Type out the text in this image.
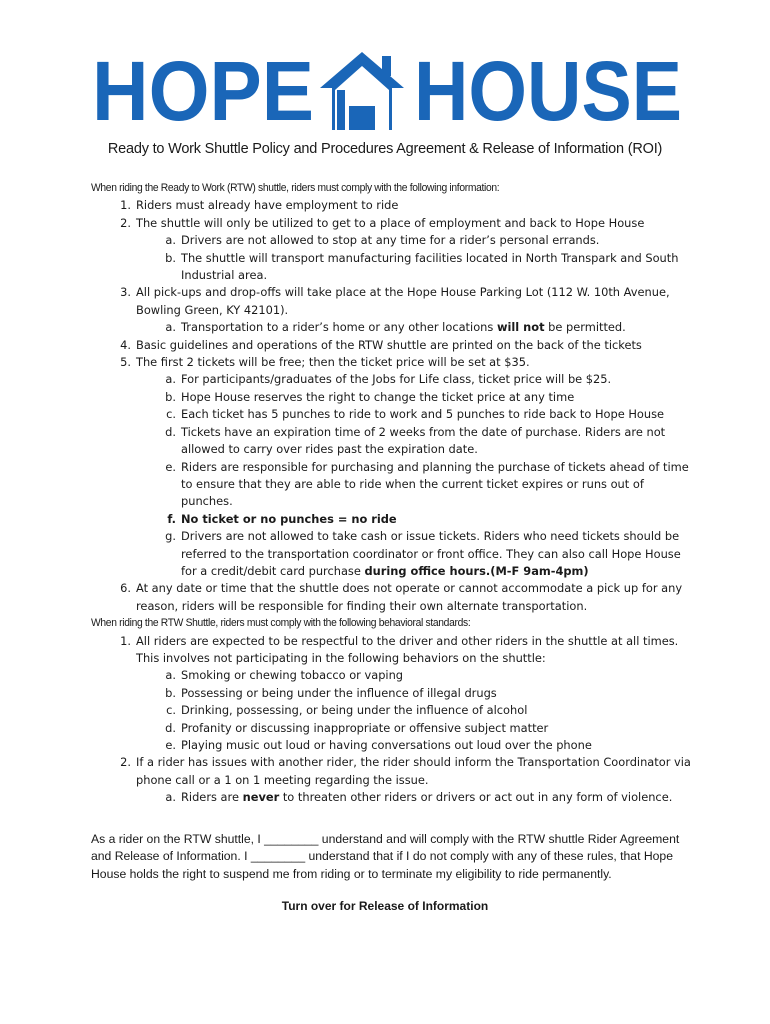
HOPE HOUSE
Ready to Work Shuttle Policy and Procedures Agreement & Release of Information (ROI)
When riding the Ready to Work (RTW) shuttle, riders must comply with the following information:
1. Riders must already have employment to ride
2. The shuttle will only be utilized to get to a place of employment and back to Hope House
a. Drivers are not allowed to stop at any time for a rider’s personal errands.
b. The shuttle will transport manufacturing facilities located in North Transpark and South Industrial area.
3. All pick-ups and drop-offs will take place at the Hope House Parking Lot (112 W. 10th Avenue, Bowling Green, KY 42101).
a. Transportation to a rider’s home or any other locations will not be permitted.
4. Basic guidelines and operations of the RTW shuttle are printed on the back of the tickets
5. The first 2 tickets will be free; then the ticket price will be set at $35.
a. For participants/graduates of the Jobs for Life class, ticket price will be $25.
b. Hope House reserves the right to change the ticket price at any time
c. Each ticket has 5 punches to ride to work and 5 punches to ride back to Hope House
d. Tickets have an expiration time of 2 weeks from the date of purchase. Riders are not allowed to carry over rides past the expiration date.
e. Riders are responsible for purchasing and planning the purchase of tickets ahead of time to ensure that they are able to ride when the current ticket expires or runs out of punches.
f. No ticket or no punches = no ride
g. Drivers are not allowed to take cash or issue tickets. Riders who need tickets should be referred to the transportation coordinator or front office. They can also call Hope House for a credit/debit card purchase during office hours.(M-F 9am-4pm)
6. At any date or time that the shuttle does not operate or cannot accommodate a pick up for any reason, riders will be responsible for finding their own alternate transportation.
When riding the RTW Shuttle, riders must comply with the following behavioral standards:
1. All riders are expected to be respectful to the driver and other riders in the shuttle at all times. This involves not participating in the following behaviors on the shuttle:
a. Smoking or chewing tobacco or vaping
b. Possessing or being under the influence of illegal drugs
c. Drinking, possessing, or being under the influence of alcohol
d. Profanity or discussing inappropriate or offensive subject matter
e. Playing music out loud or having conversations out loud over the phone
2. If a rider has issues with another rider, the rider should inform the Transportation Coordinator via phone call or a 1 on 1 meeting regarding the issue.
a. Riders are never to threaten other riders or drivers or act out in any form of violence.
As a rider on the RTW shuttle, I ________ understand and will comply with the RTW shuttle Rider Agreement and Release of Information. I ________ understand that if I do not comply with any of these rules, that Hope House holds the right to suspend me from riding or to terminate my eligibility to ride permanently.
Turn over for Release of Information
